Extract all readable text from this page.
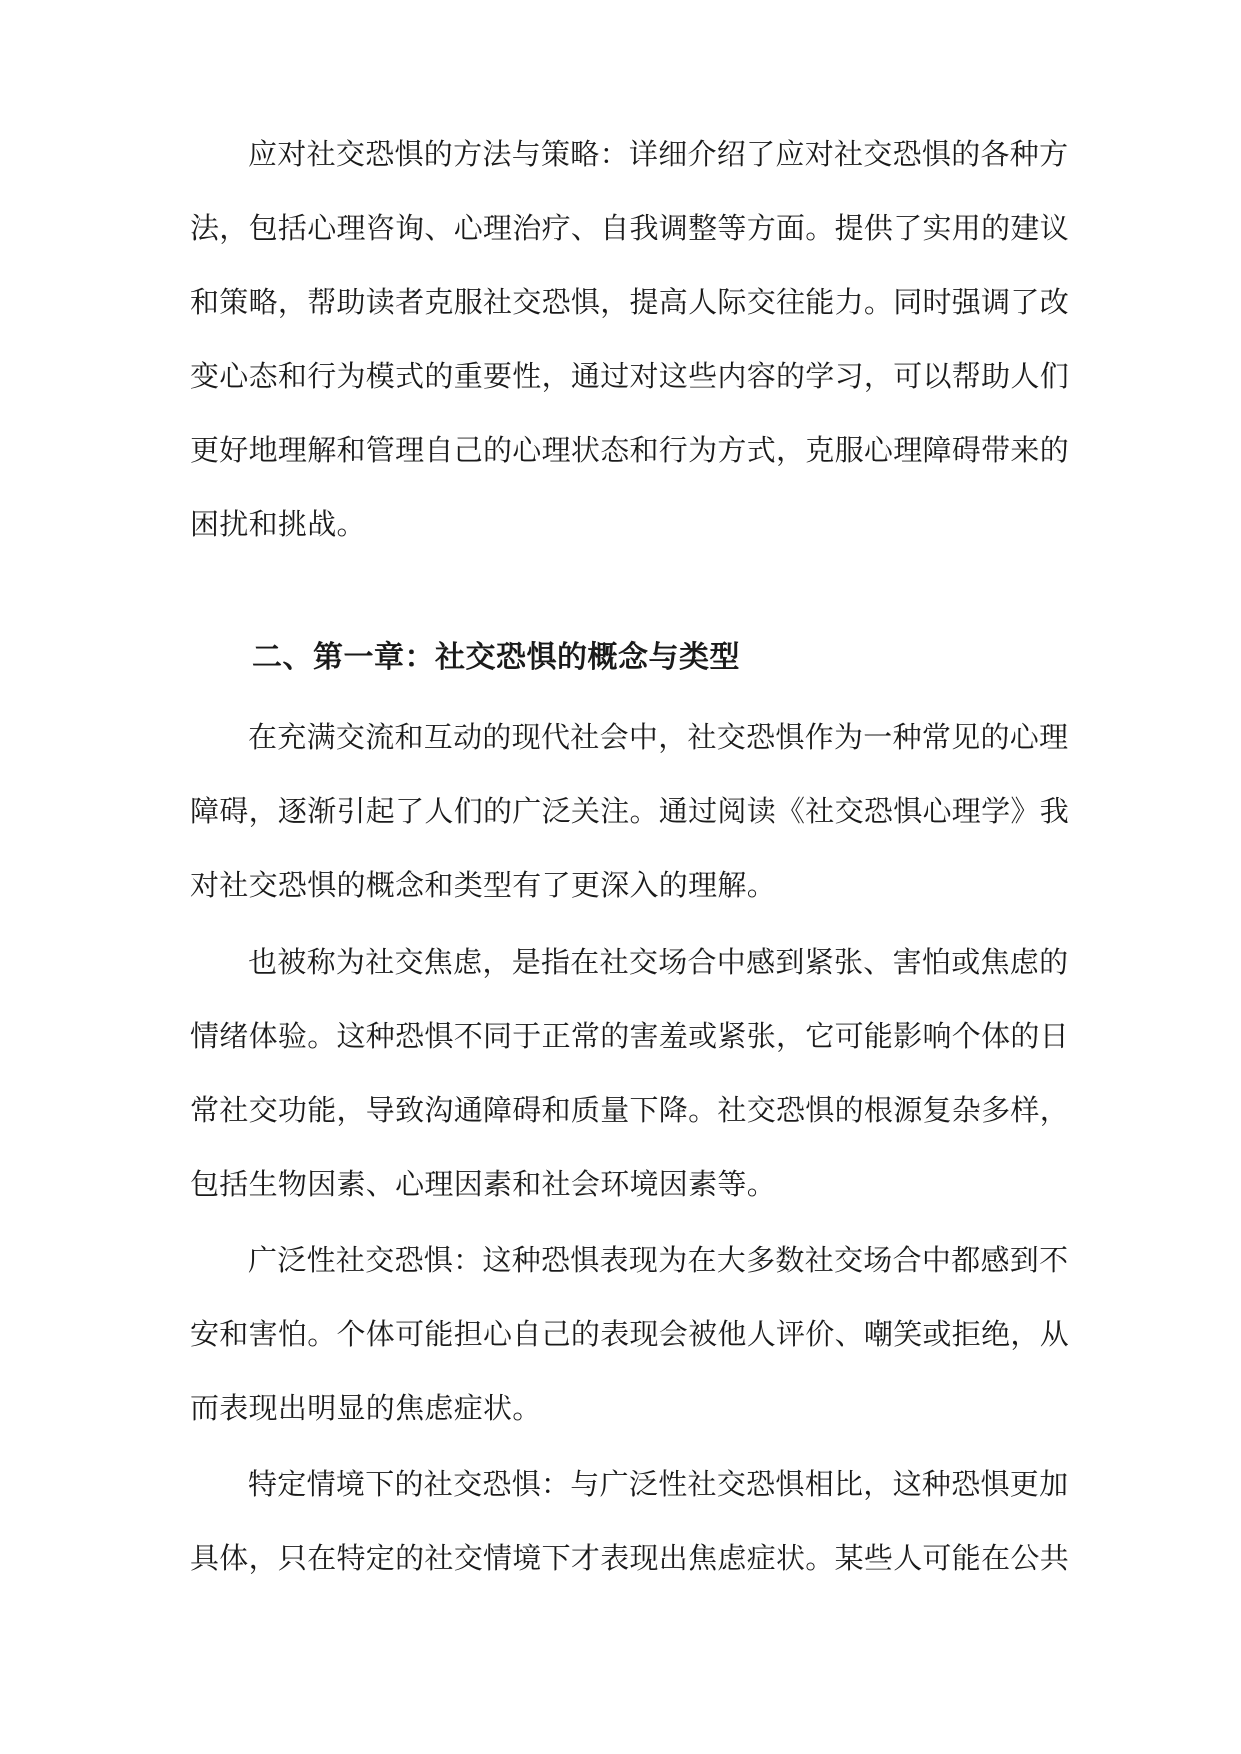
应对社交恐惧的方法与策略：详细介绍了应对社交恐惧的各种方
法，包括心理咨询、心理治疗、自我调整等方面。提供了实用的建议
和策略，帮助读者克服社交恐惧，提高人际交往能力。同时强调了改
变心态和行为模式的重要性，通过对这些内容的学习，可以帮助人们
更好地理解和管理自己的心理状态和行为方式，克服心理障碍带来的
困扰和挑战。
二、第一章：社交恐惧的概念与类型
在充满交流和互动的现代社会中，社交恐惧作为一种常见的心理
障碍，逐渐引起了人们的广泛关注。通过阅读《社交恐惧心理学》我
对社交恐惧的概念和类型有了更深入的理解。
也被称为社交焦虑，是指在社交场合中感到紧张、害怕或焦虑的
情绪体验。这种恐惧不同于正常的害羞或紧张，它可能影响个体的日
常社交功能，导致沟通障碍和质量下降。社交恐惧的根源复杂多样，
包括生物因素、心理因素和社会环境因素等。
广泛性社交恐惧：这种恐惧表现为在大多数社交场合中都感到不
安和害怕。个体可能担心自己的表现会被他人评价、嘲笑或拒绝，从
而表现出明显的焦虑症状。
特定情境下的社交恐惧：与广泛性社交恐惧相比，这种恐惧更加
具体，只在特定的社交情境下才表现出焦虑症状。某些人可能在公共
